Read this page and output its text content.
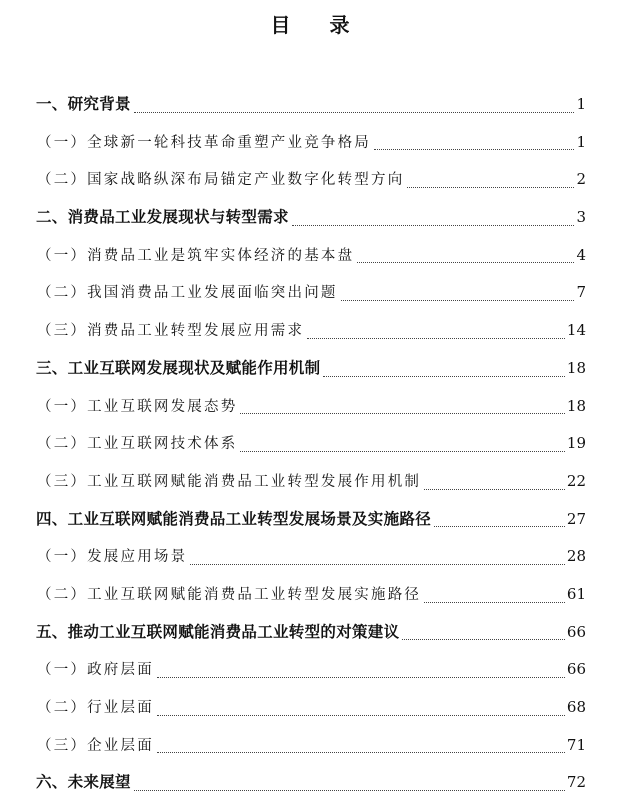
目 录
一、研究背景	1
（一）全球新一轮科技革命重塑产业竞争格局	1
（二）国家战略纵深布局锚定产业数字化转型方向	2
二、消费品工业发展现状与转型需求	3
（一）消费品工业是筑牢实体经济的基本盘	4
（二）我国消费品工业发展面临突出问题	7
（三）消费品工业转型发展应用需求	14
三、工业互联网发展现状及赋能作用机制	18
（一）工业互联网发展态势	18
（二）工业互联网技术体系	19
（三）工业互联网赋能消费品工业转型发展作用机制	22
四、工业互联网赋能消费品工业转型发展场景及实施路径	27
（一）发展应用场景	28
（二）工业互联网赋能消费品工业转型发展实施路径	61
五、推动工业互联网赋能消费品工业转型的对策建议	66
（一）政府层面	66
（二）行业层面	68
（三）企业层面	71
六、未来展望	72
